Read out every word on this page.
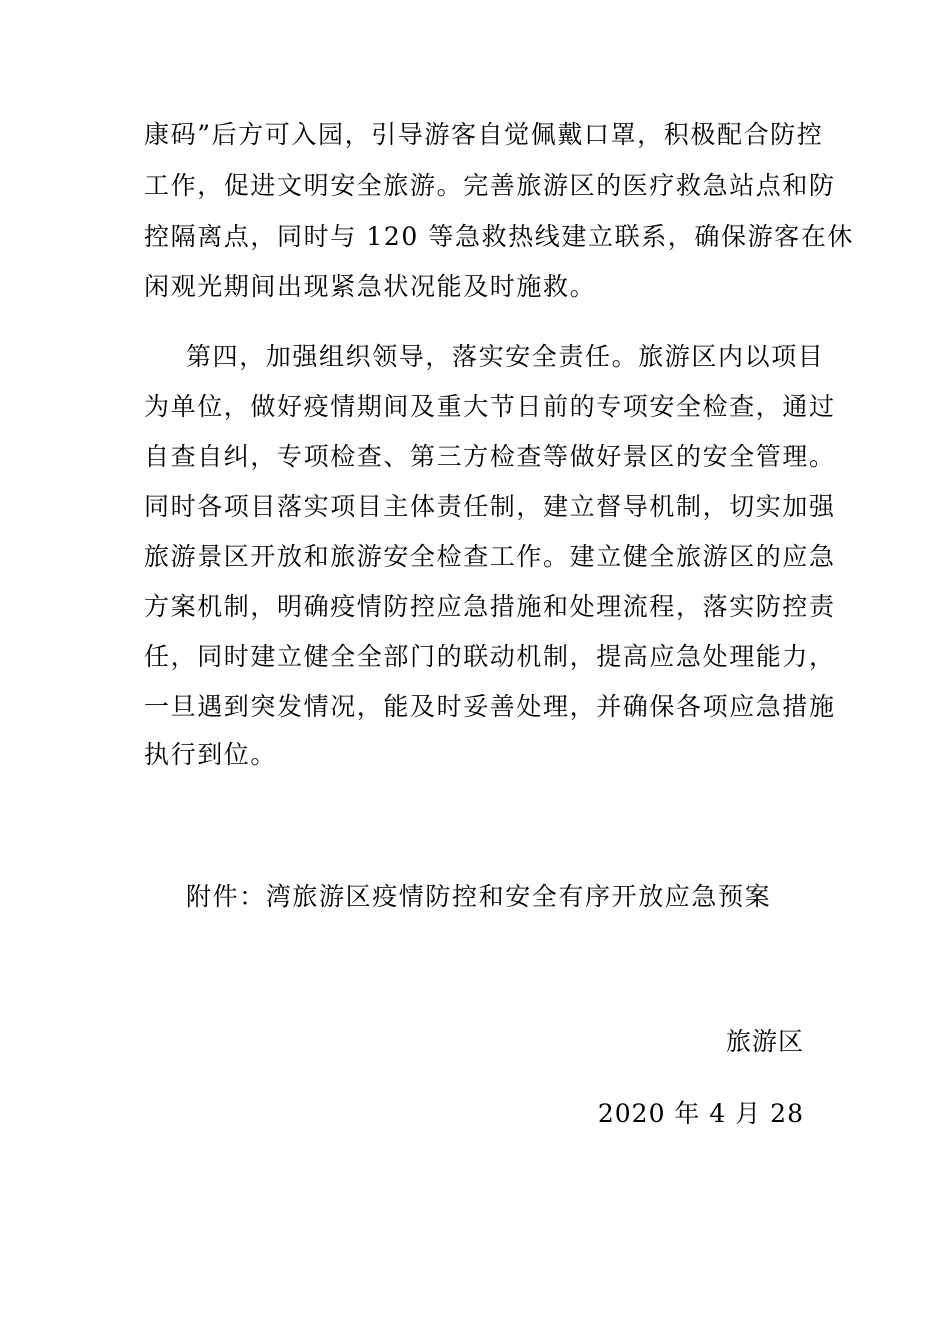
康码”后方可入园，引导游客自觉佩戴口罩，积极配合防控
工作，促进文明安全旅游。完善旅游区的医疗救急站点和防
控隔离点，同时与 120 等急救热线建立联系，确保游客在休
闲观光期间出现紧急状况能及时施救。
第四，加强组织领导，落实安全责任。旅游区内以项目
为单位，做好疫情期间及重大节日前的专项安全检查，通过
自查自纠，专项检查、第三方检查等做好景区的安全管理。
同时各项目落实项目主体责任制，建立督导机制，切实加强
旅游景区开放和旅游安全检查工作。建立健全旅游区的应急
方案机制，明确疫情防控应急措施和处理流程，落实防控责
任，同时建立健全全部门的联动机制，提高应急处理能力，
一旦遇到突发情况，能及时妥善处理，并确保各项应急措施
执行到位。
附件：湾旅游区疫情防控和安全有序开放应急预案
旅游区
2020 年 4 月 28
